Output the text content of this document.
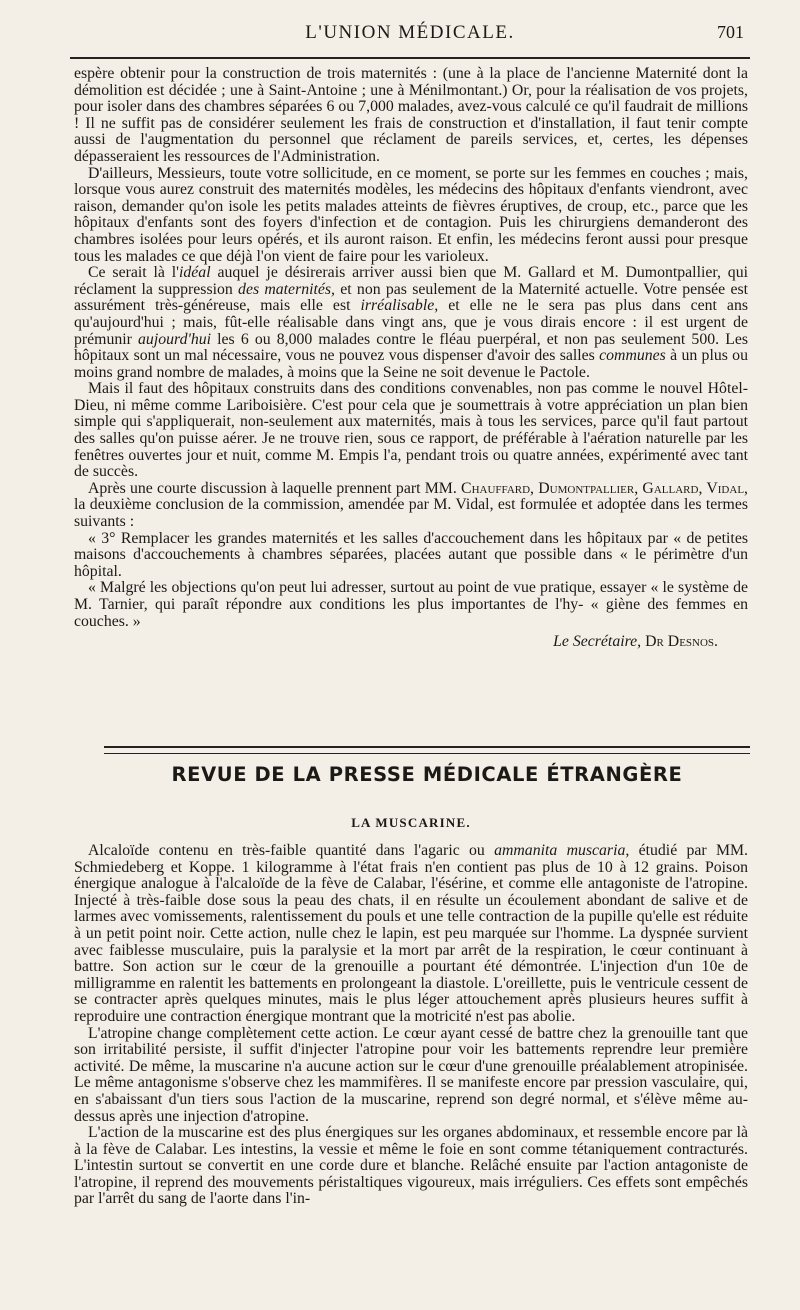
L'UNION MÉDICALE.	701

espère obtenir pour la construction de trois maternités : (une à la place de l'ancienne Maternité dont la démolition est décidée ; une à Saint-Antoine ; une à Ménilmontant.) Or, pour la réalisation de vos projets, pour isoler dans des chambres séparées 6 ou 7,000 malades, avez-vous calculé ce qu'il faudrait de millions ! Il ne suffit pas de considérer seulement les frais de construction et d'installation, il faut tenir compte aussi de l'augmentation du personnel que réclament de pareils services, et, certes, les dépenses dépasseraient les ressources de l'Administration.

D'ailleurs, Messieurs, toute votre sollicitude, en ce moment, se porte sur les femmes en couches ; mais, lorsque vous aurez construit des maternités modèles, les médecins des hôpitaux d'enfants viendront, avec raison, demander qu'on isole les petits malades atteints de fièvres éruptives, de croup, etc., parce que les hôpitaux d'enfants sont des foyers d'infection et de contagion. Puis les chirurgiens demanderont des chambres isolées pour leurs opérés, et ils auront raison. Et enfin, les médecins feront aussi pour presque tous les malades ce que déjà l'on vient de faire pour les varioleux.

Ce serait là l'idéal auquel je désirerais arriver aussi bien que M. Gallard et M. Dumontpallier, qui réclament la suppression des maternités, et non pas seulement de la Maternité actuelle. Votre pensée est assurément très-généreuse, mais elle est irréalisable, et elle ne le sera pas plus dans cent ans qu'aujourd'hui ; mais, fût-elle réalisable dans vingt ans, que je vous dirais encore : il est urgent de prémunir aujourd'hui les 6 ou 8,000 malades contre le fléau puerpéral, et non pas seulement 500. Les hôpitaux sont un mal nécessaire, vous ne pouvez vous dispenser d'avoir des salles communes à un plus ou moins grand nombre de malades, à moins que la Seine ne soit devenue le Pactole.

Mais il faut des hôpitaux construits dans des conditions convenables, non pas comme le nouvel Hôtel-Dieu, ni même comme Lariboisière. C'est pour cela que je soumettrais à votre appréciation un plan bien simple qui s'appliquerait, non-seulement aux maternités, mais à tous les services, parce qu'il faut partout des salles qu'on puisse aérer. Je ne trouve rien, sous ce rapport, de préférable à l'aération naturelle par les fenêtres ouvertes jour et nuit, comme M. Empis l'a, pendant trois ou quatre années, expérimenté avec tant de succès.

Après une courte discussion à laquelle prennent part MM. Chauffard, Dumontpallier, Gallard, Vidal, la deuxième conclusion de la commission, amendée par M. Vidal, est formulée et adoptée dans les termes suivants :

« 3° Remplacer les grandes maternités et les salles d'accouchement dans les hôpitaux par « de petites maisons d'accouchements à chambres séparées, placées autant que possible dans « le périmètre d'un hôpital.

« Malgré les objections qu'on peut lui adresser, surtout au point de vue pratique, essayer « le système de M. Tarnier, qui paraît répondre aux conditions les plus importantes de l'hy- « giène des femmes en couches. »

Le Secrétaire, Dr Desnos.
REVUE DE LA PRESSE MÉDICALE ÉTRANGÈRE
LA MUSCARINE.

Alcaloïde contenu en très-faible quantité dans l'agaric ou ammanita muscaria, étudié par MM. Schmiedeberg et Koppe. 1 kilogramme à l'état frais n'en contient pas plus de 10 à 12 grains. Poison énergique analogue à l'alcaloïde de la fève de Calabar, l'ésérine, et comme elle antagoniste de l'atropine. Injecté à très-faible dose sous la peau des chats, il en résulte un écoulement abondant de salive et de larmes avec vomissements, ralentissement du pouls et une telle contraction de la pupille qu'elle est réduite à un petit point noir. Cette action, nulle chez le lapin, est peu marquée sur l'homme. La dyspnée survient avec faiblesse musculaire, puis la paralysie et la mort par arrêt de la respiration, le cœur continuant à battre. Son action sur le cœur de la grenouille a pourtant été démontrée. L'injection d'un 10e de milligramme en ralentit les battements en prolongeant la diastole. L'oreillette, puis le ventricule cessent de se contracter après quelques minutes, mais le plus léger attouchement après plusieurs heures suffit à reproduire une contraction énergique montrant que la motricité n'est pas abolie.

L'atropine change complètement cette action. Le cœur ayant cessé de battre chez la grenouille tant que son irritabilité persiste, il suffit d'injecter l'atropine pour voir les battements reprendre leur première activité. De même, la muscarine n'a aucune action sur le cœur d'une grenouille préalablement atropinisée. Le même antagonisme s'observe chez les mammifères. Il se manifeste encore par pression vasculaire, qui, en s'abaissant d'un tiers sous l'action de la muscarine, reprend son degré normal, et s'élève même au-dessus après une injection d'atropine.

L'action de la muscarine est des plus énergiques sur les organes abdominaux, et ressemble encore par là à la fève de Calabar. Les intestins, la vessie et même le foie en sont comme tétaniquement contracturés. L'intestin surtout se convertit en une corde dure et blanche. Relâché ensuite par l'action antagoniste de l'atropine, il reprend des mouvements péristaltiques vigoureux, mais irréguliers. Ces effets sont empêchés par l'arrêt du sang de l'aorte dans l'in-
